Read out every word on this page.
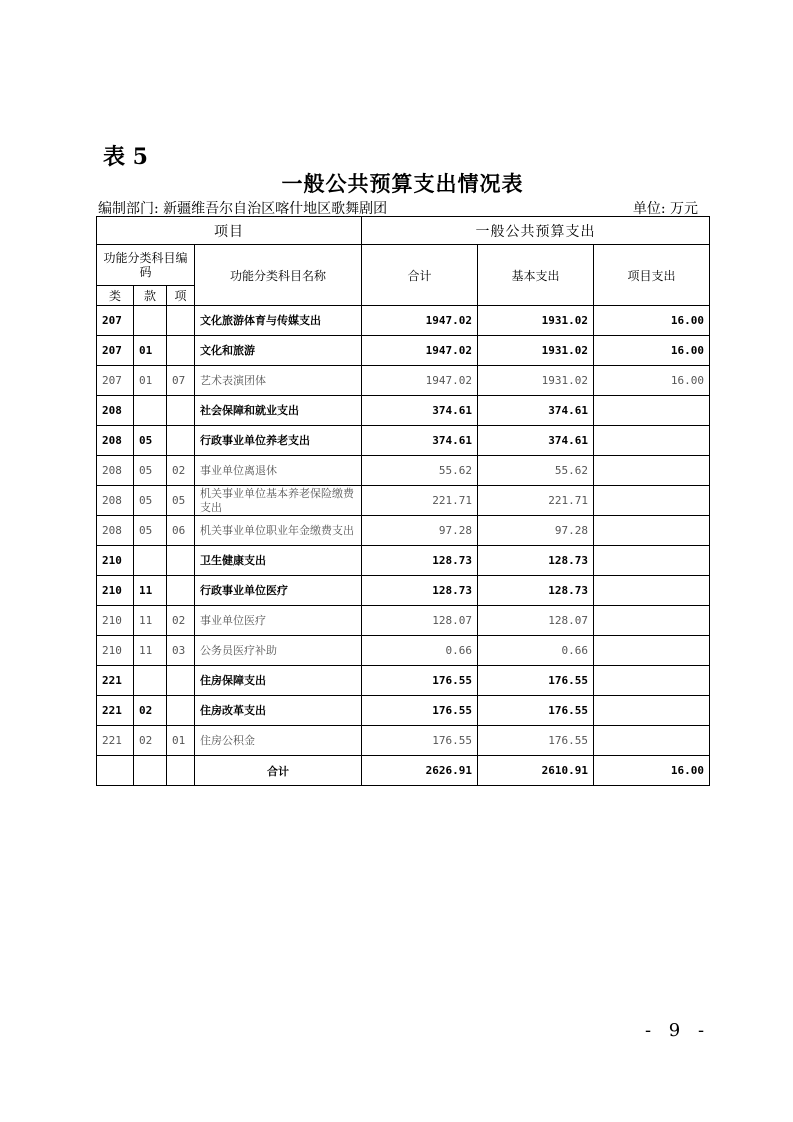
表 5
一般公共预算支出情况表
编制部门: 新疆维吾尔自治区喀什地区歌舞剧团	单位: 万元
项目				一般公共预算支出		
功能分类科目编码			功能分类科目名称	合计	基本支出	项目支出
类	款	项				
207			文化旅游体育与传媒支出	1947.02	1931.02	16.00
207	01		文化和旅游	1947.02	1931.02	16.00
207	01	07	艺术表演团体	1947.02	1931.02	16.00
208			社会保障和就业支出	374.61	374.61	
208	05		行政事业单位养老支出	374.61	374.61	
208	05	02	事业单位离退休	55.62	55.62	
208	05	05	机关事业单位基本养老保险缴费支出	221.71	221.71	
208	05	06	机关事业单位职业年金缴费支出	97.28	97.28	
210			卫生健康支出	128.73	128.73	
210	11		行政事业单位医疗	128.73	128.73	
210	11	02	事业单位医疗	128.07	128.07	
210	11	03	公务员医疗补助	0.66	0.66	
221			住房保障支出	176.55	176.55	
221	02		住房改革支出	176.55	176.55	
221	02	01	住房公积金	176.55	176.55	
			合计	2626.91	2610.91	16.00
- 9 -
